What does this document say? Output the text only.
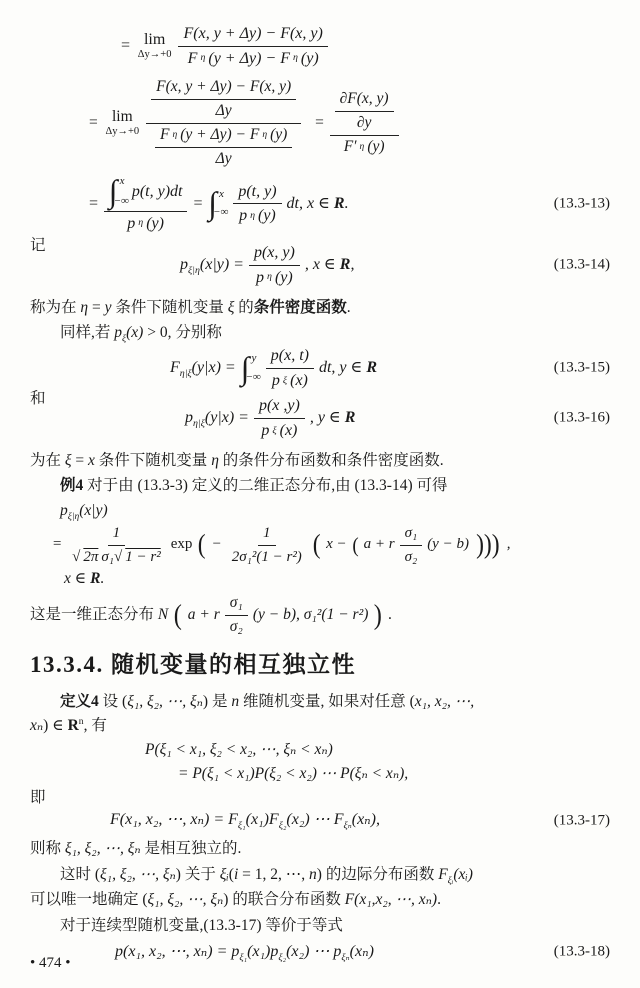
= lim
$\Delta y\to+0 \frac{F(x, y + \Delta y) - F(x, y)}{\text{F η (y + Δy) − F η (y)}}$
= lim
$\Delta y\to+0 \frac{\frac{F(x, y + \Delta y) - F(x, y)}{\Delta y}}{\frac{\text{F η (y + Δy) − F η (y)}}{\Delta y}} = \frac{\frac{\partial F(x, y)}{\partial y}}{F' \eta (y)}$
= ∫ x
−∞
p(t, y)dt
p η (y)
= ∫ x
−∞ $\frac{p(t, y)}{\text{p η (y)}}$ dt, x ∈ R.	(13.3-13)
记
$p_{\xi|\eta}(x|y) = \frac{p(x, y)}{\text{p η (y)}}$ , x ∈ R,	(13.3-14)
称为在 η = y 条件下随机变量 ξ 的条件密度函数.
同样,若 $p_\xi(x) > 0$, 分别称
$F_{\eta|\xi}(y|x)$ = ∫ y
−∞ $\frac{p(x, t)}{\text{p ξ (x)}}$ dt, y ∈ R	(13.3-15)
和
$p_{\eta|\xi}(y|x) = \frac{p(x ,y)}{\text{p ξ (x)}}$ , y ∈ R	(13.3-16)
为在 ξ = x 条件下随机变量 η 的条件分布函数和条件密度函数.
例4 对于由 (13.3-3) 定义的二维正态分布,由 (13.3-14) 可得
$p_{\xi|\eta}(x|y)$
= $\frac{1}{\text{√ 2π σ₁√ 1 − r²}}$ exp ( − $\frac{1}{\text{2σ₁²(1 − r²)}}$ ( x − ( a + r $\frac{\text{σ₁}}{\text{σ₂}} (y - b)$ ))) ,
x ∈ R.
这是一维正态分布 N ( a + r $\frac{\text{σ₁}}{\text{σ₂}} (y - b)$, σ₁²(1 − r²) ) .
13.3.4. 随机变量的相互独立性
定义4 设 (ξ₁, ξ₂, ⋯, ξₙ) 是 n 维随机变量, 如果对任意 (x₁, x₂, ⋯,
xₙ) ∈ $R^n$, 有
P(ξ₁ < x₁, ξ₂ < x₂, ⋯, ξₙ < xₙ)
= P(ξ₁ < x₁)P(ξ₂ < x₂) ⋯ P(ξₙ < xₙ),
即
F(x₁, x₂, ⋯, $x_n) = F_{\xi_1}(x_1)F_{\xi_2}(x_2)$ ⋯ $F_{\xi_n}(x_n)$,	(13.3-17)
则称 ξ₁, ξ₂, ⋯, ξₙ 是相互独立的.
这时 (ξ₁, ξ₂, ⋯, ξₙ) 关于 ξᵢ(i = 1, 2, ⋯, n) 的边际分布函数 $F_{\xi ᵢ}(xᵢ)$
可以唯一地确定 (ξ₁, ξ₂, ⋯, ξₙ) 的联合分布函数 F(x₁,x₂, ⋯, xₙ).
对于连续型随机变量,(13.3-17) 等价于等式
p(x₁, x₂, ⋯, $x_n) = p_{\xi_1}(x_1)p_{\xi_2}(x_2)$ ⋯ $p_{\xi_n}(x_n)$	(13.3-18)
• 474 •
